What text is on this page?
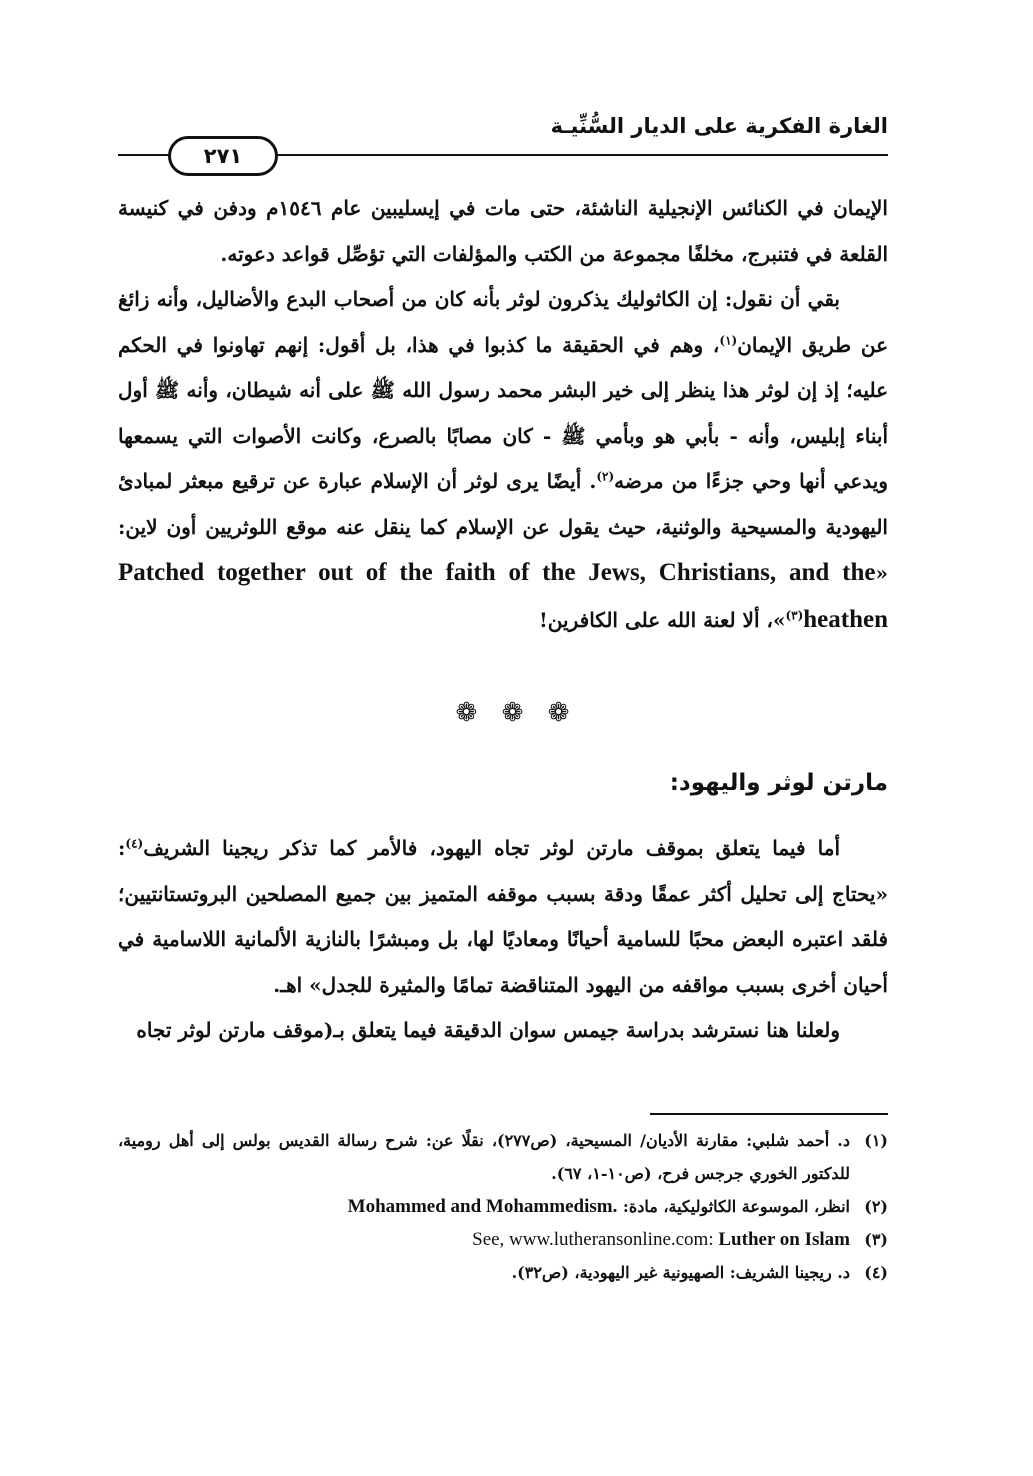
الغارة الفكرية على الديار السُّنِّيـة
٢٧١

الإيمان في الكنائس الإنجيلية الناشئة، حتى مات في إيسليبين عام ١٥٤٦م ودفن في كنيسة القلعة في فتنبرج، مخلفًا مجموعة من الكتب والمؤلفات التي تؤصِّل قواعد دعوته.

بقي أن نقول: إن الكاثوليك يذكرون لوثر بأنه كان من أصحاب البدع والأضاليل، وأنه زائغ عن طريق الإيمان$^{(١)}$، وهم في الحقيقة ما كذبوا في هذا، بل أقول: إنهم تهاونوا في الحكم عليه؛ إذ إن لوثر هذا ينظر إلى خير البشر محمد رسول الله ﷺ على أنه شيطان، وأنه ﷺ أول أبناء إبليس، وأنه - بأبي هو وبأمي ﷺ - كان مصابًا بالصرع، وكانت الأصوات التي يسمعها ويدعي أنها وحي جزءًا من مرضه$^{(٢)}$. أيضًا يرى لوثر أن الإسلام عبارة عن ترقيع مبعثر لمبادئ اليهودية والمسيحية والوثنية، حيث يقول عن الإسلام كما ينقل عنه موقع اللوثريين أون لاين: «Patched together out of the faith of the Jews, Christians, and the heathen$^{(٣)}$»، ألا لعنة الله على الكافرين!

❁ ❁ ❁
مارتن لوثر واليهود:

أما فيما يتعلق بموقف مارتن لوثر تجاه اليهود، فالأمر كما تذكر ريجينا الشريف$^{(٤)}$: «يحتاج إلى تحليل أكثر عمقًا ودقة بسبب موقفه المتميز بين جميع المصلحين البروتستانتيين؛ فلقد اعتبره البعض محبًا للسامية أحيانًا ومعاديًا لها، بل ومبشرًا بالنازية الألمانية اللاسامية في أحيان أخرى بسبب مواقفه من اليهود المتناقضة تمامًا والمثيرة للجدل» اهـ.

ولعلنا هنا نسترشد بدراسة جيمس سوان الدقيقة فيما يتعلق بـ(موقف مارتن لوثر تجاه

(١)د. أحمد شلبي: مقارنة الأديان/ المسيحية، (ص٢٧٧)، نقلًا عن: شرح رسالة القديس بولس إلى أهل رومية، للدكتور الخوري جرجس فرح، (ص١٠-١، ٦٧).

(٢)انظر، الموسوعة الكاثوليكية، مادة: Mohammed and Mohammedism.

(٣)See, www.lutheransonline.com: Luther on Islam

(٤)د. ريجينا الشريف: الصهيونية غير اليهودية، (ص٣٢).
